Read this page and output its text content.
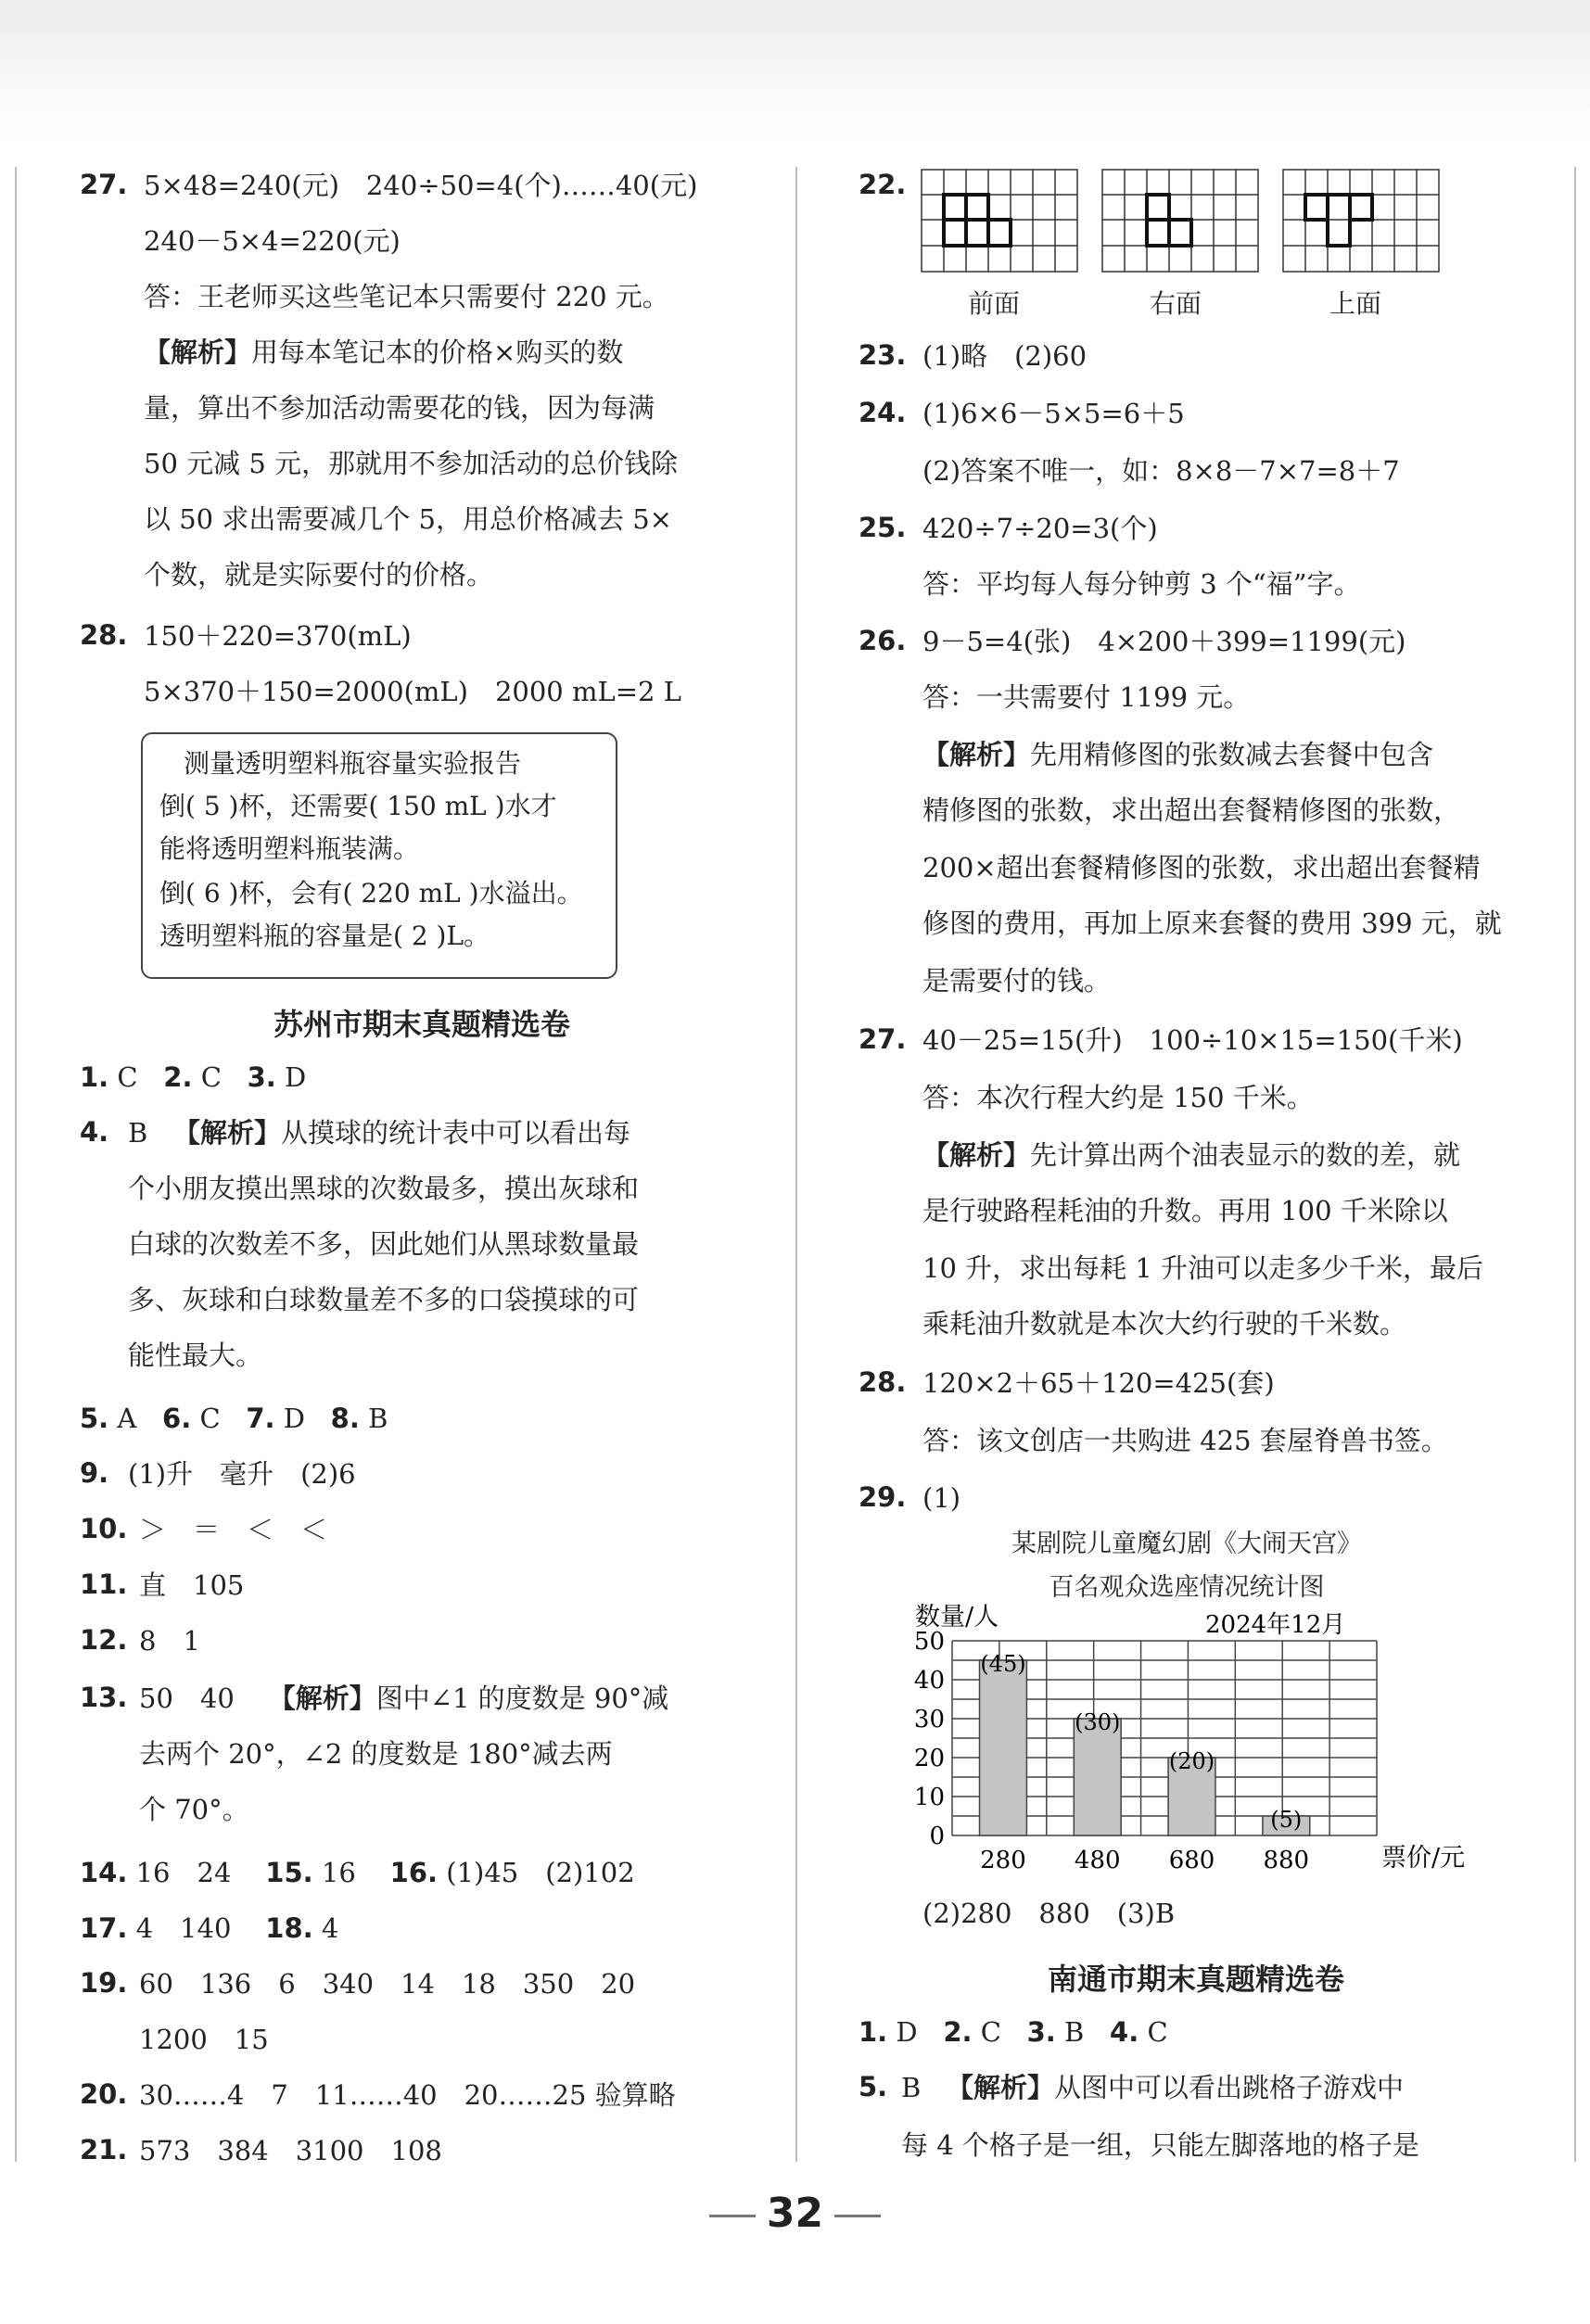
27. 5×48=240(元)　240÷50=4(个)……40(元)
240－5×4=220(元)
答：王老师买这些笔记本只需要付 220 元。
【解析】用每本笔记本的价格×购买的数
量，算出不参加活动需要花的钱，因为每满
50 元减 5 元，那就用不参加活动的总价钱除
以 50 求出需要减几个 5，用总价格减去 5×
个数，就是实际要付的价格。
28. 150＋220=370(mL)
5×370＋150=2000(mL)　2000 mL=2 L
测量透明塑料瓶容量实验报告
倒( 5 )杯，还需要( 150 mL )水才
能将透明塑料瓶装满。
倒( 6 )杯，会有( 220 mL )水溢出。
透明塑料瓶的容量是( 2 )L。
苏州市期末真题精选卷
1. C 2. C 3. D
4. B 【解析】从摸球的统计表中可以看出每
个小朋友摸出黑球的次数最多，摸出灰球和
白球的次数差不多，因此她们从黑球数量最
多、灰球和白球数量差不多的口袋摸球的可
能性最大。
5. A 6. C 7. D 8. B
9. (1)升　毫升　(2)6
10. ＞　＝　＜　＜
11. 直　105
12. 8　1
13. 50　40 【解析】图中∠1 的度数是 90°减
去两个 20°，∠2 的度数是 180°减去两
个 70°。
14. 16　24 15. 16 16. (1)45　(2)102
17. 4　140 18. 4
19. 60　136　6　340　14　18　350　20
1200　15
20. 30……4　7　11……40　20……25 验算略
21. 573　384　3100　108
22.
前面	右面	上面
23. (1)略　(2)60
24. (1)6×6－5×5=6＋5
(2)答案不唯一，如：8×8－7×7=8＋7
25. 420÷7÷20=3(个)
答：平均每人每分钟剪 3 个“福”字。
26. 9－5=4(张)　4×200＋399=1199(元)
答：一共需要付 1199 元。
【解析】先用精修图的张数减去套餐中包含
精修图的张数，求出超出套餐精修图的张数，
200×超出套餐精修图的张数，求出超出套餐精
修图的费用，再加上原来套餐的费用 399 元，就
是需要付的钱。
27. 40－25=15(升)　100÷10×15=150(千米)
答：本次行程大约是 150 千米。
【解析】先计算出两个油表显示的数的差，就
是行驶路程耗油的升数。再用 100 千米除以
10 升，求出每耗 1 升油可以走多少千米，最后
乘耗油升数就是本次大约行驶的千米数。
28. 120×2＋65＋120=425(套)
答：该文创店一共购进 425 套屋脊兽书签。
29. (1)
某剧院儿童魔幻剧《大闹天宫》
百名观众选座情况统计图
数量/人	2024年12月
票价/元
(45)
(30)
(20)
(5)
0
10
20
30
40
50
280 480 680 880
(2)280　880　(3)B
南通市期末真题精选卷
1. D 2. C 3. B 4. C
5. B 【解析】从图中可以看出跳格子游戏中
每 4 个格子是一组，只能左脚落地的格子是
32
